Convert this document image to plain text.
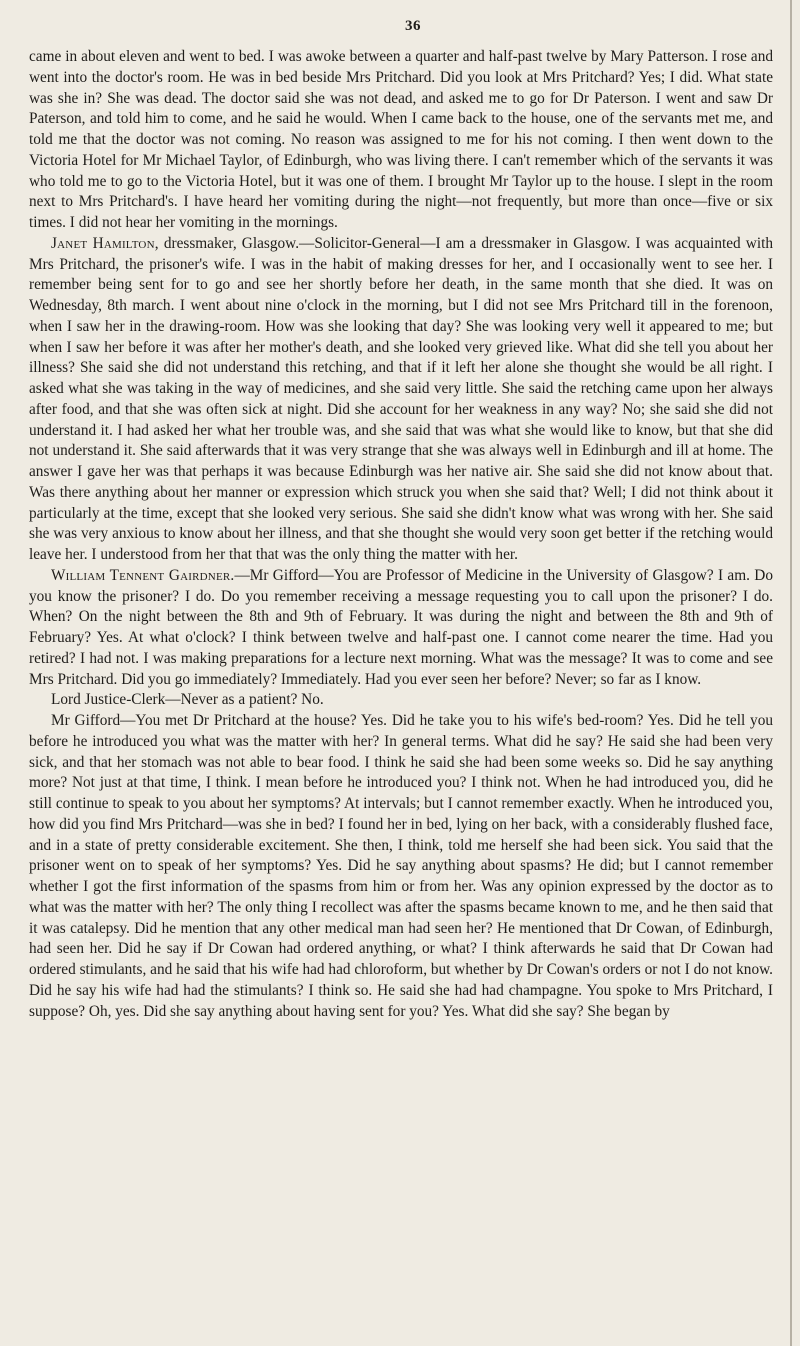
36

came in about eleven and went to bed. I was awoke between a quarter and half-past twelve by Mary Patterson. I rose and went into the doctor's room. He was in bed beside Mrs Pritchard. Did you look at Mrs Pritchard? Yes; I did. What state was she in? She was dead. The doctor said she was not dead, and asked me to go for Dr Paterson. I went and saw Dr Paterson, and told him to come, and he said he would. When I came back to the house, one of the servants met me, and told me that the doctor was not coming. No reason was assigned to me for his not coming. I then went down to the Victoria Hotel for Mr Michael Taylor, of Edinburgh, who was living there. I can't remember which of the servants it was who told me to go to the Victoria Hotel, but it was one of them. I brought Mr Taylor up to the house. I slept in the room next to Mrs Pritchard's. I have heard her vomiting during the night—not frequently, but more than once—five or six times. I did not hear her vomiting in the mornings.

Janet Hamilton, dressmaker, Glasgow.—Solicitor-General—I am a dressmaker in Glasgow. I was acquainted with Mrs Pritchard, the prisoner's wife. I was in the habit of making dresses for her, and I occasionally went to see her. I remember being sent for to go and see her shortly before her death, in the same month that she died. It was on Wednesday, 8th march. I went about nine o'clock in the morning, but I did not see Mrs Pritchard till in the forenoon, when I saw her in the drawing-room. How was she looking that day? She was looking very well it appeared to me; but when I saw her before it was after her mother's death, and she looked very grieved like. What did she tell you about her illness? She said she did not understand this retching, and that if it left her alone she thought she would be all right. I asked what she was taking in the way of medicines, and she said very little. She said the retching came upon her always after food, and that she was often sick at night. Did she account for her weakness in any way? No; she said she did not understand it. I had asked her what her trouble was, and she said that was what she would like to know, but that she did not understand it. She said afterwards that it was very strange that she was always well in Edinburgh and ill at home. The answer I gave her was that perhaps it was because Edinburgh was her native air. She said she did not know about that. Was there anything about her manner or expression which struck you when she said that? Well; I did not think about it particularly at the time, except that she looked very serious. She said she didn't know what was wrong with her. She said she was very anxious to know about her illness, and that she thought she would very soon get better if the retching would leave her. I understood from her that that was the only thing the matter with her.

William Tennent Gairdner.—Mr Gifford—You are Professor of Medicine in the University of Glasgow? I am. Do you know the prisoner? I do. Do you remember receiving a message requesting you to call upon the prisoner? I do. When? On the night between the 8th and 9th of February. It was during the night and between the 8th and 9th of February? Yes. At what o'clock? I think between twelve and half-past one. I cannot come nearer the time. Had you retired? I had not. I was making preparations for a lecture next morning. What was the message? It was to come and see Mrs Pritchard. Did you go immediately? Immediately. Had you ever seen her before? Never; so far as I know.

Lord Justice-Clerk—Never as a patient? No.

Mr Gifford—You met Dr Pritchard at the house? Yes. Did he take you to his wife's bed-room? Yes. Did he tell you before he introduced you what was the matter with her? In general terms. What did he say? He said she had been very sick, and that her stomach was not able to bear food. I think he said she had been some weeks so. Did he say anything more? Not just at that time, I think. I mean before he introduced you? I think not. When he had introduced you, did he still continue to speak to you about her symptoms? At intervals; but I cannot remember exactly. When he introduced you, how did you find Mrs Pritchard—was she in bed? I found her in bed, lying on her back, with a considerably flushed face, and in a state of pretty considerable excitement. She then, I think, told me herself she had been sick. You said that the prisoner went on to speak of her symptoms? Yes. Did he say anything about spasms? He did; but I cannot remember whether I got the first information of the spasms from him or from her. Was any opinion expressed by the doctor as to what was the matter with her? The only thing I recollect was after the spasms became known to me, and he then said that it was catalepsy. Did he mention that any other medical man had seen her? He mentioned that Dr Cowan, of Edinburgh, had seen her. Did he say if Dr Cowan had ordered anything, or what? I think afterwards he said that Dr Cowan had ordered stimulants, and he said that his wife had had chloroform, but whether by Dr Cowan's orders or not I do not know. Did he say his wife had had the stimulants? I think so. He said she had had champagne. You spoke to Mrs Pritchard, I suppose? Oh, yes. Did she say anything about having sent for you? Yes. What did she say? She began by
